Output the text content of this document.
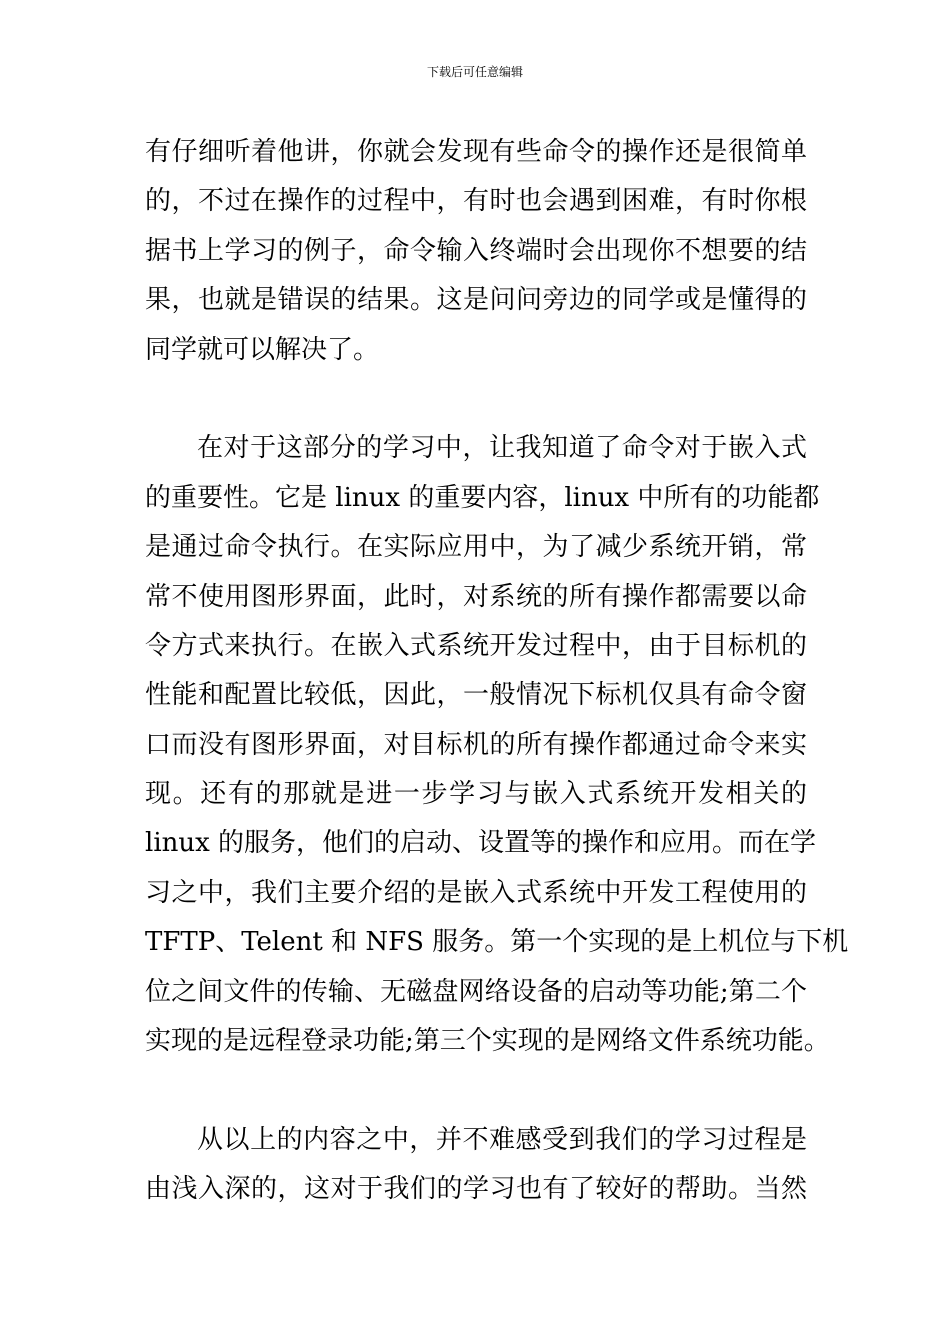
下载后可任意编辑
有仔细听着他讲，你就会发现有些命令的操作还是很简单
的，不过在操作的过程中，有时也会遇到困难，有时你根
据书上学习的例子，命令输入终端时会出现你不想要的结
果，也就是错误的结果。这是问问旁边的同学或是懂得的
同学就可以解决了。
在对于这部分的学习中，让我知道了命令对于嵌入式
的重要性。它是 linux 的重要内容，linux 中所有的功能都
是通过命令执行。在实际应用中，为了减少系统开销，常
常不使用图形界面，此时，对系统的所有操作都需要以命
令方式来执行。在嵌入式系统开发过程中，由于目标机的
性能和配置比较低，因此，一般情况下标机仅具有命令窗
口而没有图形界面，对目标机的所有操作都通过命令来实
现。还有的那就是进一步学习与嵌入式系统开发相关的
linux 的服务，他们的启动、设置等的操作和应用。而在学
习之中，我们主要介绍的是嵌入式系统中开发工程使用的
TFTP、Telent 和 NFS 服务。第一个实现的是上机位与下机
位之间文件的传输、无磁盘网络设备的启动等功能;第二个
实现的是远程登录功能;第三个实现的是网络文件系统功能。
从以上的内容之中，并不难感受到我们的学习过程是
由浅入深的，这对于我们的学习也有了较好的帮助。当然
